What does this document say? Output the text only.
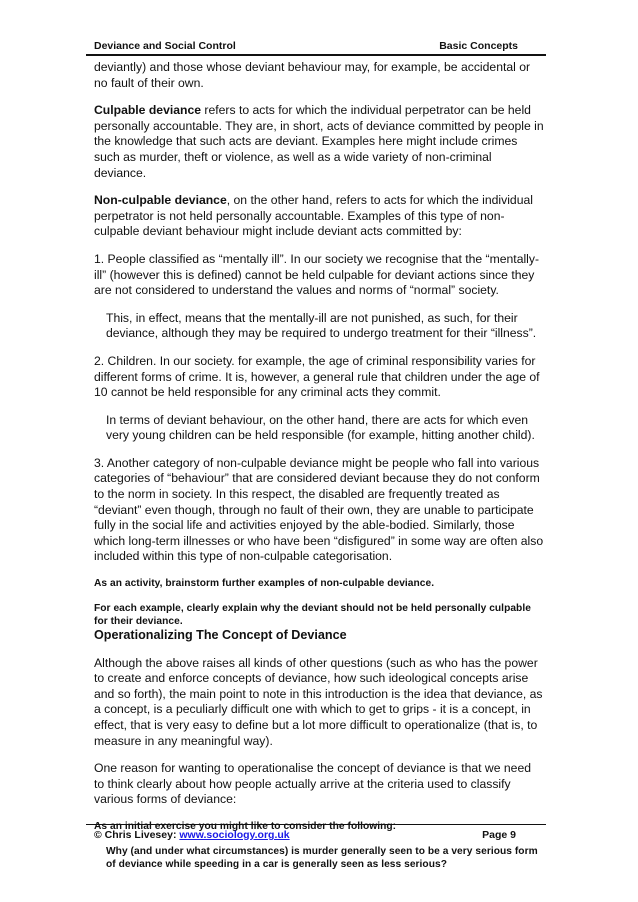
Deviance and Social Control	Basic Concepts

deviantly) and those whose deviant behaviour may, for example, be accidental or no fault of their own.

Culpable deviance refers to acts for which the individual perpetrator can be held personally accountable. They are, in short, acts of deviance committed by people in the knowledge that such acts are deviant. Examples here might include crimes such as murder, theft or violence, as well as a wide variety of non-criminal deviance.

Non-culpable deviance, on the other hand, refers to acts for which the individual perpetrator is not held personally accountable. Examples of this type of non-culpable deviant behaviour might include deviant acts committed by:

1. People classified as “mentally ill”. In our society we recognise that the “mentally-ill” (however this is defined) cannot be held culpable for deviant actions since they are not considered to understand the values and norms of “normal” society.

This, in effect, means that the mentally-ill are not punished, as such, for their deviance, although they may be required to undergo treatment for their “illness”.

2. Children. In our society. for example, the age of criminal responsibility varies for different forms of crime. It is, however, a general rule that children under the age of 10 cannot be held responsible for any criminal acts they commit.

In terms of deviant behaviour, on the other hand, there are acts for which even very young children can be held responsible (for example, hitting another child).

3. Another category of non-culpable deviance might be people who fall into various categories of “behaviour” that are considered deviant because they do not conform to the norm in society. In this respect, the disabled are frequently treated as “deviant” even though, through no fault of their own, they are unable to participate fully in the social life and activities enjoyed by the able-bodied. Similarly, those which long-term illnesses or who have been “disfigured” in some way are often also included within this type of non-culpable categorisation.

As an activity, brainstorm further examples of non-culpable deviance.

For each example, clearly explain why the deviant should not be held personally culpable for their deviance.

Operationalizing The Concept of Deviance

Although the above raises all kinds of other questions (such as who has the power to create and enforce concepts of deviance, how such ideological concepts arise and so forth), the main point to note in this introduction is the idea that deviance, as a concept, is a peculiarly difficult one with which to get to grips - it is a concept, in effect, that is very easy to define but a lot more difficult to operationalize (that is, to measure in any meaningful way).

One reason for wanting to operationalise the concept of deviance is that we need to think clearly about how people actually arrive at the criteria used to classify various forms of deviance:

As an initial exercise you might like to consider the following:

Why (and under what circumstances) is murder generally seen to be a very serious form of deviance while speeding in a car is generally seen as less serious?

© Chris Livesey: www.sociology.org.uk	Page 9
